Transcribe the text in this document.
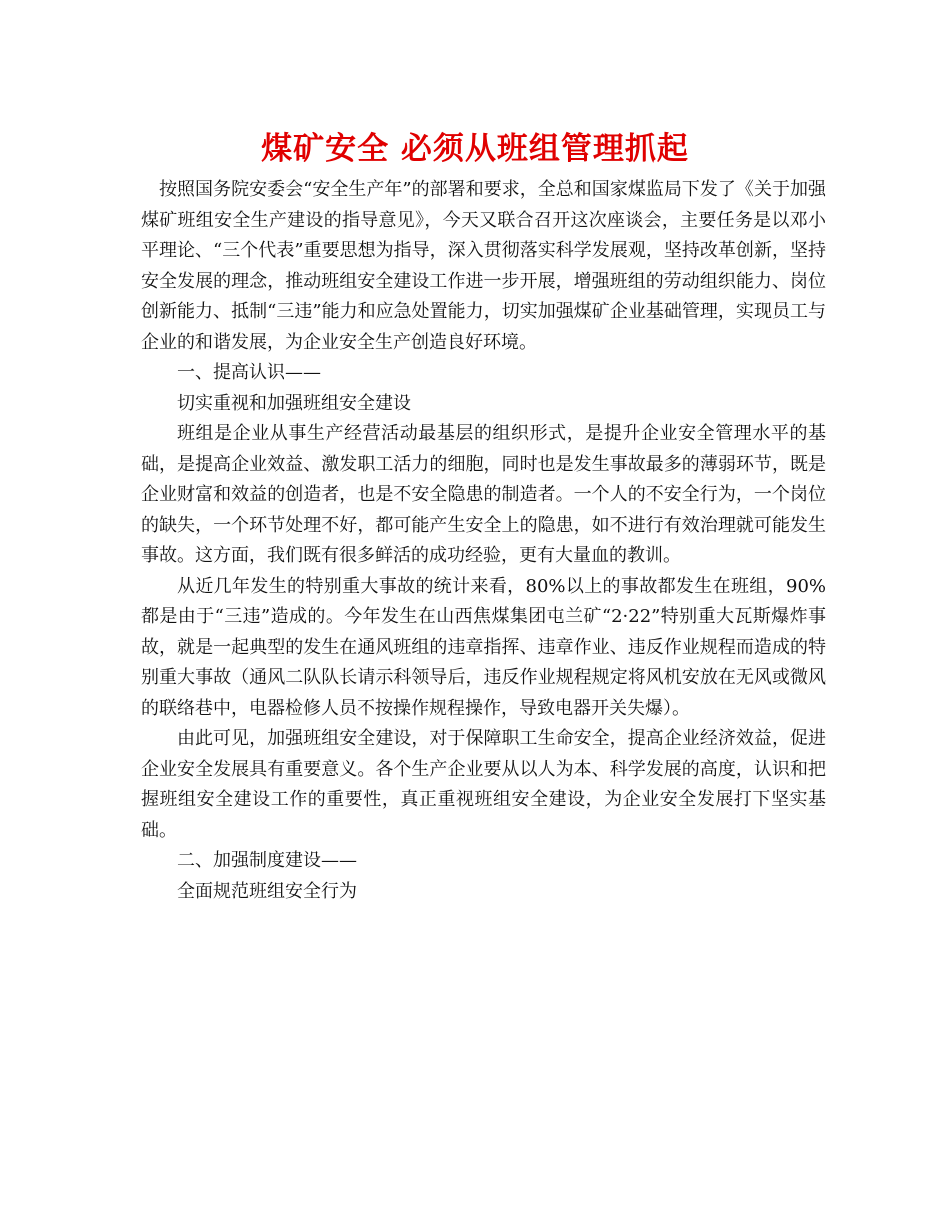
煤矿安全 必须从班组管理抓起

按照国务院安委会“安全生产年”的部署和要求，全总和国家煤监局下发了《关于加强煤矿班组安全生产建设的指导意见》，今天又联合召开这次座谈会，主要任务是以邓小平理论、“三个代表”重要思想为指导，深入贯彻落实科学发展观，坚持改革创新，坚持安全发展的理念，推动班组安全建设工作进一步开展，增强班组的劳动组织能力、岗位创新能力、抵制“三违”能力和应急处置能力，切实加强煤矿企业基础管理，实现员工与企业的和谐发展，为企业安全生产创造良好环境。

一、提高认识——

切实重视和加强班组安全建设

班组是企业从事生产经营活动最基层的组织形式，是提升企业安全管理水平的基础，是提高企业效益、激发职工活力的细胞，同时也是发生事故最多的薄弱环节，既是企业财富和效益的创造者，也是不安全隐患的制造者。一个人的不安全行为，一个岗位的缺失，一个环节处理不好，都可能产生安全上的隐患，如不进行有效治理就可能发生事故。这方面，我们既有很多鲜活的成功经验，更有大量血的教训。

从近几年发生的特别重大事故的统计来看，80%以上的事故都发生在班组，90%都是由于“三违”造成的。今年发生在山西焦煤集团屯兰矿“2·22”特别重大瓦斯爆炸事故，就是一起典型的发生在通风班组的违章指挥、违章作业、违反作业规程而造成的特别重大事故（通风二队队长请示科领导后，违反作业规程规定将风机安放在无风或微风的联络巷中，电器检修人员不按操作规程操作，导致电器开关失爆）。

由此可见，加强班组安全建设，对于保障职工生命安全，提高企业经济效益，促进企业安全发展具有重要意义。各个生产企业要从以人为本、科学发展的高度，认识和把握班组安全建设工作的重要性，真正重视班组安全建设，为企业安全发展打下坚实基础。

二、加强制度建设——

全面规范班组安全行为
